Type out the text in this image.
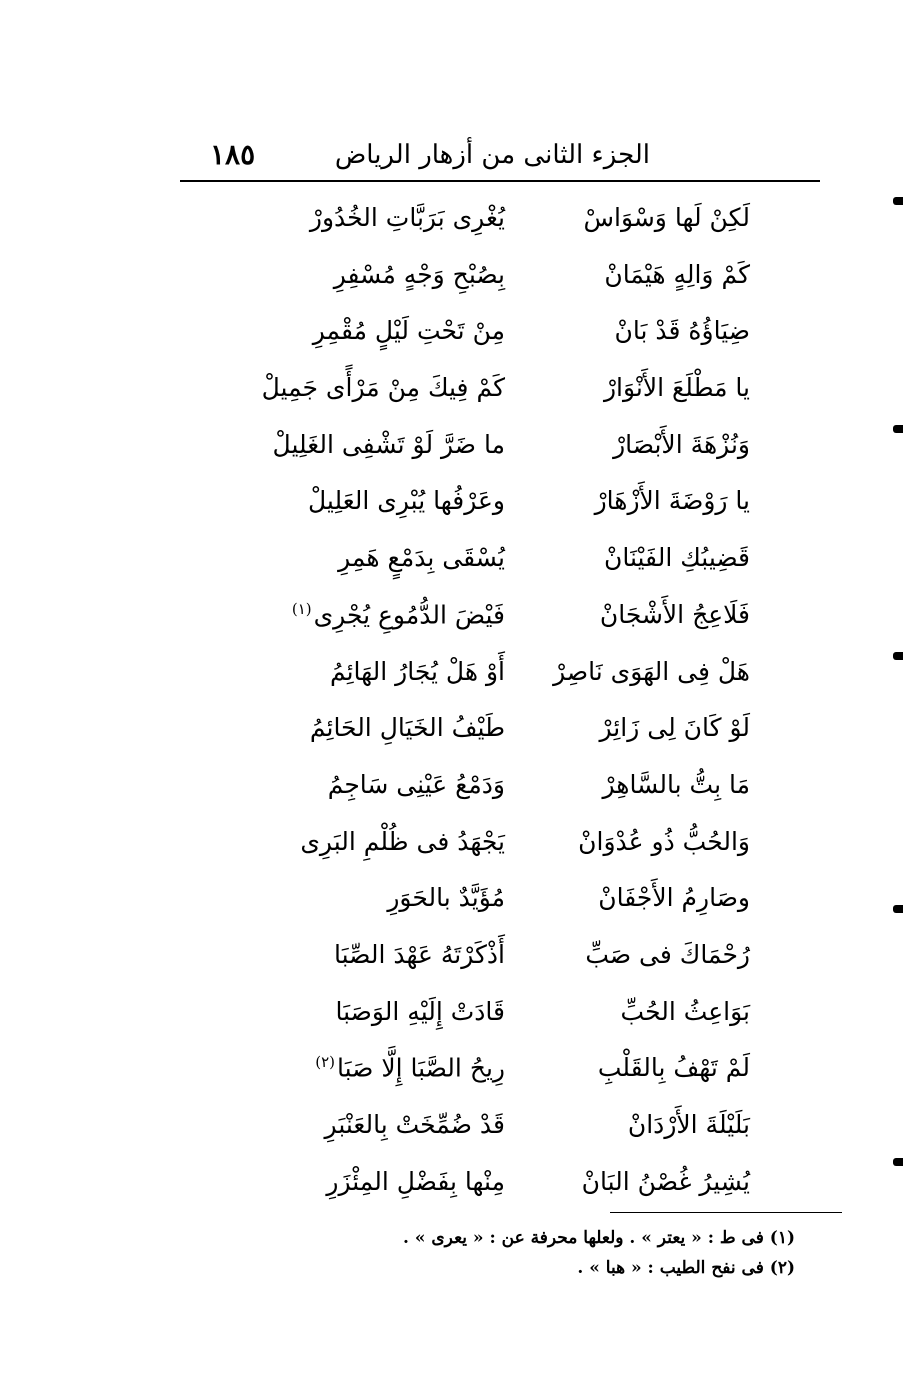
الجزء الثانى من أزهار الرياض
١٨٥
لَكِنْ لَها وَسْوَاسْ
يُغْرِى بَرَبَّاتِ الخُدُورْ
كَمْ وَالِهٍ هَيْمَانْ
بِصُبْحِ وَجْهٍ مُسْفِرِ
ضِيَاؤُهُ قَدْ بَانْ
مِنْ تَحْتِ لَيْلٍ مُقْمِرِ
يا مَطْلَعَ الأَنْوَارْ
كَمْ فِيكَ مِنْ مَرْأًى جَمِيلْ
وَنُزْهَةَ الأَبْصَارْ
ما ضَرَّ لَوْ تَشْفِى الغَلِيلْ
يا رَوْضَةَ الأَزْهَارْ
وعَرْفُها يُبْرِى العَلِيلْ
قَضِيبُكِ الفَيْنَانْ
يُسْقَى بِدَمْعٍ هَمِرِ
فَلَاعِجُ الأَشْجَانْ
فَيْضَ الدُّمُوعِ يُجْرِى$^{(١)}$
هَلْ فِى الهَوَى نَاصِرْ
أَوْ هَلْ يُجَارُ الهَائِمُ
لَوْ كَانَ لِى زَائِرْ
طَيْفُ الخَيَالِ الحَائِمُ
مَا بِتُّ بالسَّاهِرْ
وَدَمْعُ عَيْنِى سَاجِمُ
وَالحُبُّ ذُو عُدْوَانْ
يَجْهَدُ فى ظُلْمِ البَرِى
وصَارِمُ الأَجْفَانْ
مُؤَيَّدٌ بالحَوَرِ
رُحْمَاكَ فى صَبِّ
أَذْكَرْتَهُ عَهْدَ الصِّبَا
بَوَاعِثُ الحُبِّ
قَادَتْ إِلَيْهِ الوَصَبَا
لَمْ تَهْفُ بِالقَلْبِ
رِيحُ الصَّبَا إِلَّا صَبَا$^{(٢)}$
بَلَيْلَةَ الأَرْدَانْ
قَدْ ضُمِّخَتْ بِالعَنْبَرِ
يُشِيرُ غُصْنُ البَانْ
مِنْها بِفَضْلِ المِئْزَرِ
(١) فى ط : « يعتر » . ولعلها محرفة عن : « يعرى » .
(٢) فى نفح الطيب : « هبا » .
